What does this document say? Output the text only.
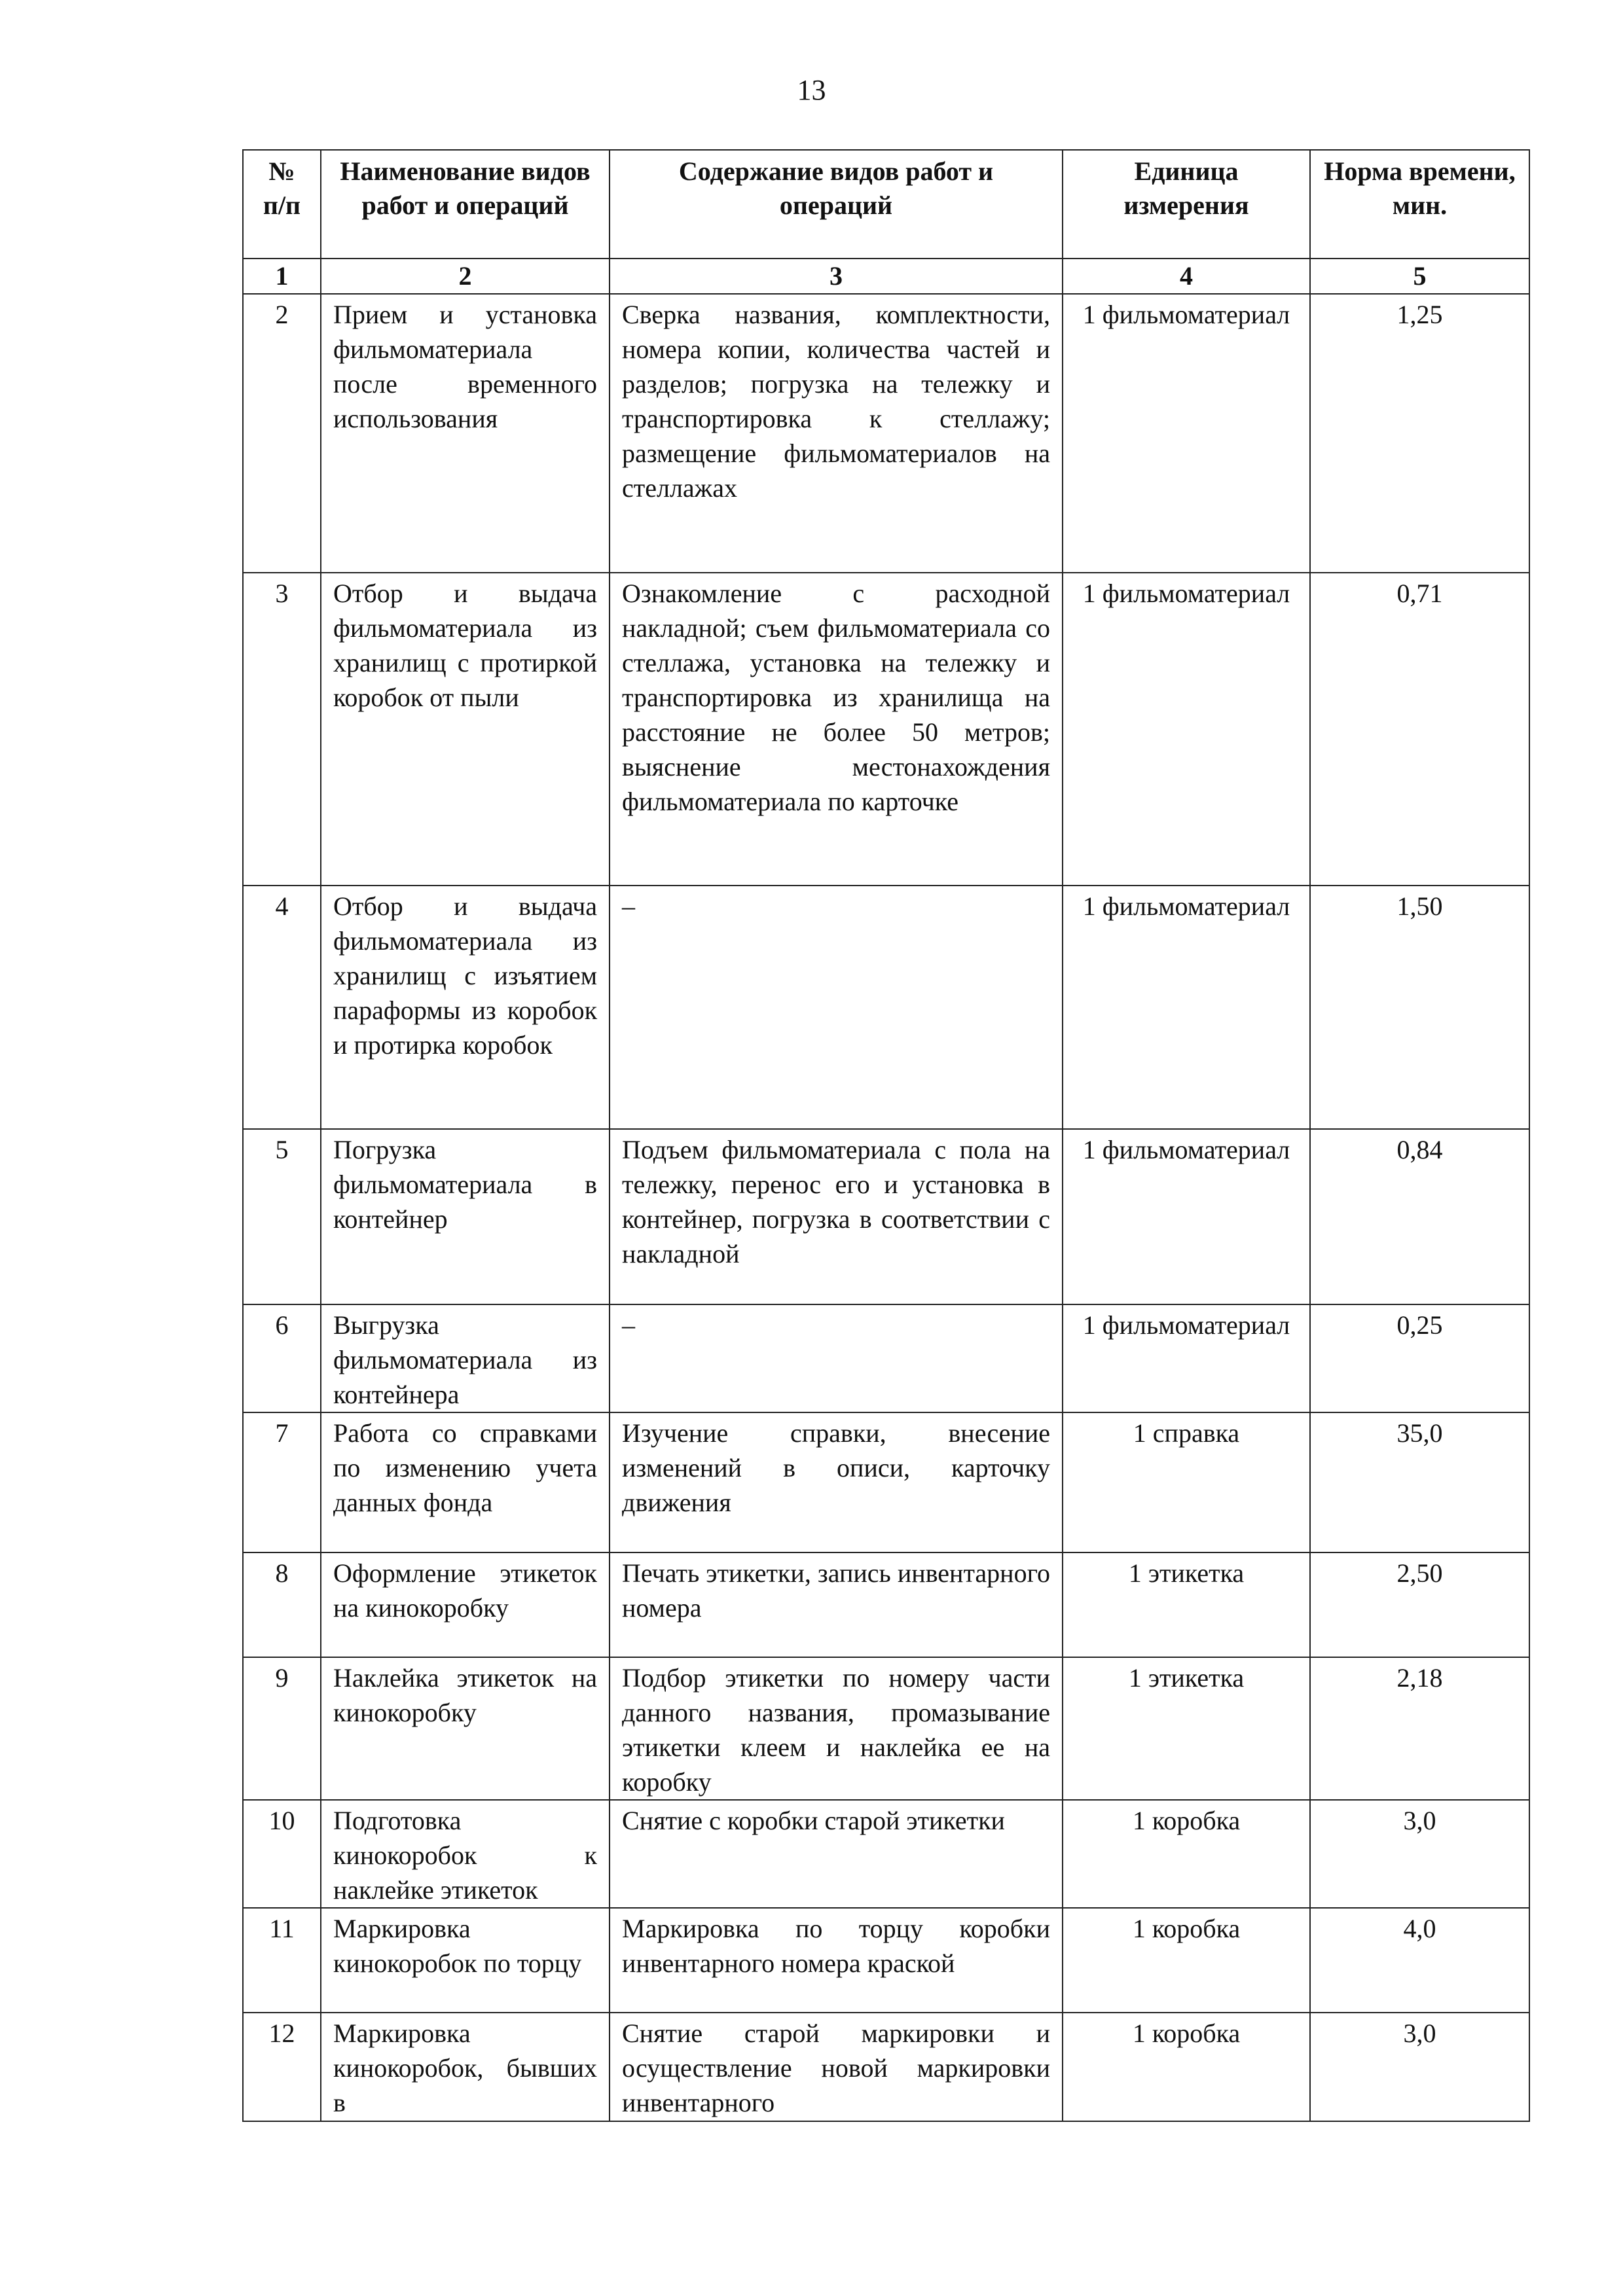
13
№ п/п	Наименование видов работ и операций	Содержание видов работ и операций	Единица измерения	Норма времени, мин.
1	2	3	4	5
2	Прием и установка фильмоматериала после временного использования	Сверка названия, комплектности, номера копии, количества частей и разделов; погрузка на тележку и транспортировка к стеллажу; размещение фильмоматериалов на стеллажах	1 фильмоматериал	1,25
3	Отбор и выдача фильмоматериала из хранилищ с протиркой коробок от пыли	Ознакомление с расходной накладной; съем фильмоматериала со стеллажа, установка на тележку и транспортировка из хранилища на расстояние не более 50 метров; выяснение местонахождения фильмоматериала по карточке	1 фильмоматериал	0,71
4	Отбор и выдача фильмоматериала из хранилищ с изъятием параформы из коробок и протирка коробок	–	1 фильмоматериал	1,50
5	Погрузка фильмоматериала в контейнер	Подъем фильмоматериала с пола на тележку, перенос его и установка в контейнер, погрузка в соответствии с накладной	1 фильмоматериал	0,84
6	Выгрузка фильмоматериала из контейнера	–	1 фильмоматериал	0,25
7	Работа со справками по изменению учета данных фонда	Изучение справки, внесение изменений в описи, карточку движения	1 справка	35,0
8	Оформление этикеток на кинокоробку	Печать этикетки, запись инвентарного номера	1 этикетка	2,50
9	Наклейка этикеток на кинокоробку	Подбор этикетки по номеру части данного названия, промазывание этикетки клеем и наклейка ее на коробку	1 этикетка	2,18
10	Подготовка кинокоробок к наклейке этикеток	Снятие с коробки старой этикетки	1 коробка	3,0
11	Маркировка кинокоробок по торцу	Маркировка по торцу коробки инвентарного номера краской	1 коробка	4,0
12	Маркировка кинокоробок, бывших в	Снятие старой маркировки и осуществление новой маркировки инвентарного	1 коробка	3,0
